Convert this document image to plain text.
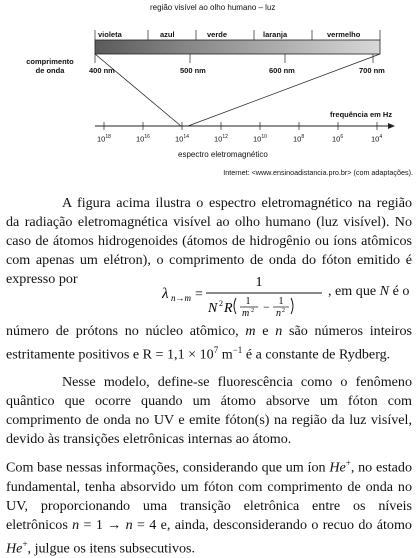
região visível ao olho humano – luz
violeta	azul	verde	laranja	vermelho
comprimento de onda	400 nm	500 nm	600 nm	700 nm
frequência em Hz
$10^{18}$	$10^{16}$	$10^{14}$	$10^{12}$	$10^{10}$	$10^8$	$10^6$	$10^4$
espectro eletromagnético
Internet: <www.ensinoadistancia.pro.br> (com adaptações).
A figura acima ilustra o espectro eletromagnético na região da radiação eletromagnética visível ao olho humano (luz visível). No caso de átomos hidrogenoides (átomos de hidrogênio ou íons atômicos com apenas um elétron), o comprimento de onda do fóton emitido é expresso por
λ n→m =
1
N 2 R 1
m 2 − 1
n 2
, em que N é o
número de prótons no núcleo atômico, m e n são números inteiros estritamente positivos e $R = 1,1 \times 10^7$ $m^{-1}$ é a constante de Rydberg.
Nesse modelo, define-se fluorescência como o fenômeno quântico que ocorre quando um átomo absorve um fóton com comprimento de onda no UV e emite fóton(s) na região da luz visível, devido às transições eletrônicas internas ao átomo.
Com base nessas informações, considerando que um íon He+, no estado fundamental, tenha absorvido um fóton com comprimento de onda no UV, proporcionando uma transição eletrônica entre os níveis eletrônicos n = 1 → n = 4 e, ainda, desconsiderando o recuo do átomo He+, julgue os itens subsecutivos.
